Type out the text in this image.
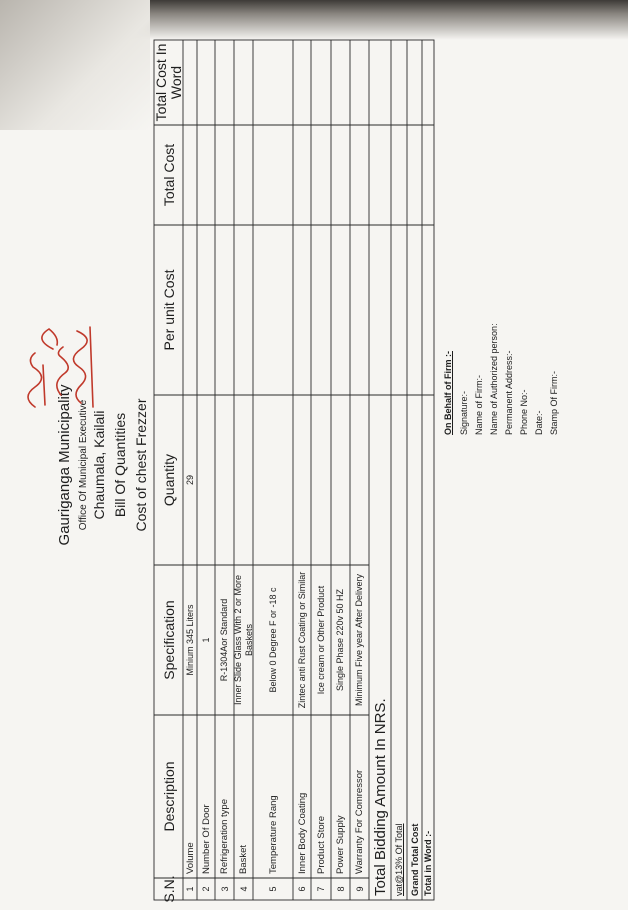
Gauriganga Municipality Office Of Municipal Executive Chaumala, Kailali Bill Of Quantities Cost of chest Frezzer
S.N.
Description
Specification
Quantity
Per unit Cost
Total Cost
Total Cost In Word
1
Volume
Minium 345 Liters
29
2
Number Of Door
1
3
Refrigeration type
R-1304Aor Standard
4
Basket
Inner Slide Glass With 2 or More Baskets
5
Temperature Rang
Below 0 Degree F or -18 c
6
Inner Body Coating
Zintec anti Rust Coating or Similar
7
Product Store
Ice cream or Other Product
8
Power Supply
Single Phase 220v 50 HZ
9
Warranty For Comressor
Minimum Five year After Delivery
Total Bidding Amount In NRS. vat@13% Of Total Grand Total Cost Total in Word :-
On Behalf of Firm :- Signature:- Name of Firm:- Name of Authorized person: Permanent Address:- Phone No:- Date:- Stamp Of Firm:-
